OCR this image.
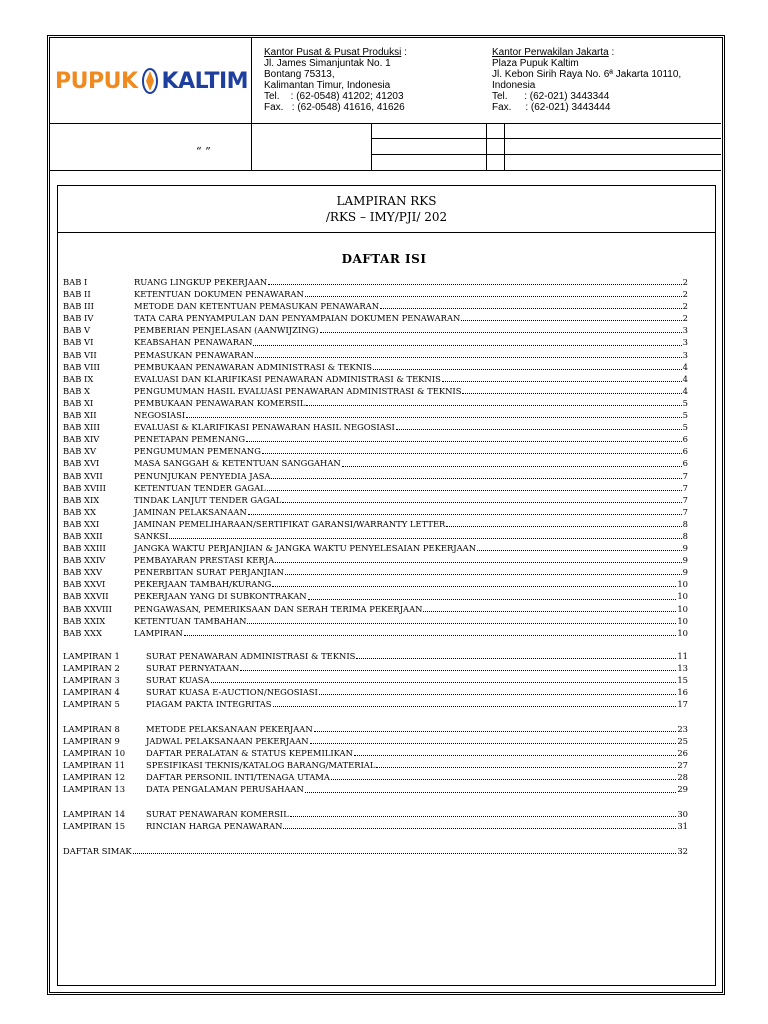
PUPUK KALTIM
Kantor Pusat & Pusat Produksi :
Jl. James Simanjuntak No. 1
Bontang 75313,
Kalimantan Timur, Indonesia
Tel.    : (62-0548) 41202; 41203
Fax.   : (62-0548) 41616, 41626
Kantor Perwakilan Jakarta :
Plaza Pupuk Kaltim
Jl. Kebon Sirih Raya No. 6ª Jakarta 10110,
Indonesia
Tel.      : (62-021) 3443344
Fax.     : (62-021) 3443444
“ ”
LAMPIRAN RKS
/RKS – IMY/PJI/ 202
DAFTAR ISI
BAB I	RUANG LINGKUP PEKERJAAN	2
BAB II	KETENTUAN DOKUMEN PENAWARAN	2
BAB III	METODE DAN KETENTUAN PEMASUKAN PENAWARAN	2
BAB IV	TATA CARA PENYAMPULAN DAN PENYAMPAIAN DOKUMEN PENAWARAN	2
BAB V	PEMBERIAN PENJELASAN (AANWIJZING)	3
BAB VI	KEABSAHAN PENAWARAN	3
BAB VII	PEMASUKAN PENAWARAN	3
BAB VIII	PEMBUKAAN PENAWARAN ADMINISTRASI & TEKNIS	4
BAB IX	EVALUASI DAN KLARIFIKASI PENAWARAN ADMINISTRASI & TEKNIS	4
BAB X	PENGUMUMAN HASIL EVALUASI PENAWARAN ADMINISTRASI & TEKNIS	4
BAB XI	PEMBUKAAN PENAWARAN KOMERSIL	5
BAB XII	NEGOSIASI	5
BAB XIII	EVALUASI & KLARIFIKASI PENAWARAN HASIL NEGOSIASI	5
BAB XIV	PENETAPAN PEMENANG	6
BAB XV	PENGUMUMAN PEMENANG	6
BAB XVI	MASA SANGGAH & KETENTUAN SANGGAHAN	6
BAB XVII	PENUNJUKAN PENYEDIA JASA	7
BAB XVIII	KETENTUAN TENDER GAGAL	7
BAB XIX	TINDAK LANJUT TENDER GAGAL	7
BAB XX	JAMINAN PELAKSANAAN	7
BAB XXI	JAMINAN PEMELIHARAAN/SERTIFIKAT GARANSI/WARRANTY LETTER	8
BAB XXII	SANKSI	8
BAB XXIII	JANGKA WAKTU PERJANJIAN & JANGKA WAKTU PENYELESAIAN PEKERJAAN	9
BAB XXIV	PEMBAYARAN PRESTASI KERJA	9
BAB XXV	PENERBITAN SURAT PERJANJIAN	9
BAB XXVI	PEKERJAAN TAMBAH/KURANG	10
BAB XXVII	PEKERJAAN YANG DI SUBKONTRAKAN	10
BAB XXVIII	PENGAWASAN, PEMERIKSAAN DAN SERAH TERIMA PEKERJAAN	10
BAB XXIX	KETENTUAN TAMBAHAN	10
BAB XXX	LAMPIRAN	10
LAMPIRAN 1	SURAT PENAWARAN ADMINISTRASI & TEKNIS	11
LAMPIRAN 2	SURAT PERNYATAAN	13
LAMPIRAN 3	SURAT KUASA	15
LAMPIRAN 4	SURAT KUASA E-AUCTION/NEGOSIASI	16
LAMPIRAN 5	PIAGAM PAKTA INTEGRITAS	17
LAMPIRAN 8	METODE PELAKSANAAN PEKERJAAN	23
LAMPIRAN 9	JADWAL PELAKSANAAN PEKERJAAN	25
LAMPIRAN 10	DAFTAR PERALATAN & STATUS KEPEMILIKAN	26
LAMPIRAN 11	SPESIFIKASI TEKNIS/KATALOG BARANG/MATERIAL	27
LAMPIRAN 12	DAFTAR PERSONIL INTI/TENAGA UTAMA	28
LAMPIRAN 13	DATA PENGALAMAN PERUSAHAAN	29
LAMPIRAN 14	SURAT PENAWARAN KOMERSIL	30
LAMPIRAN 15	RINCIAN HARGA PENAWARAN	31
DAFTAR SIMAK	32
